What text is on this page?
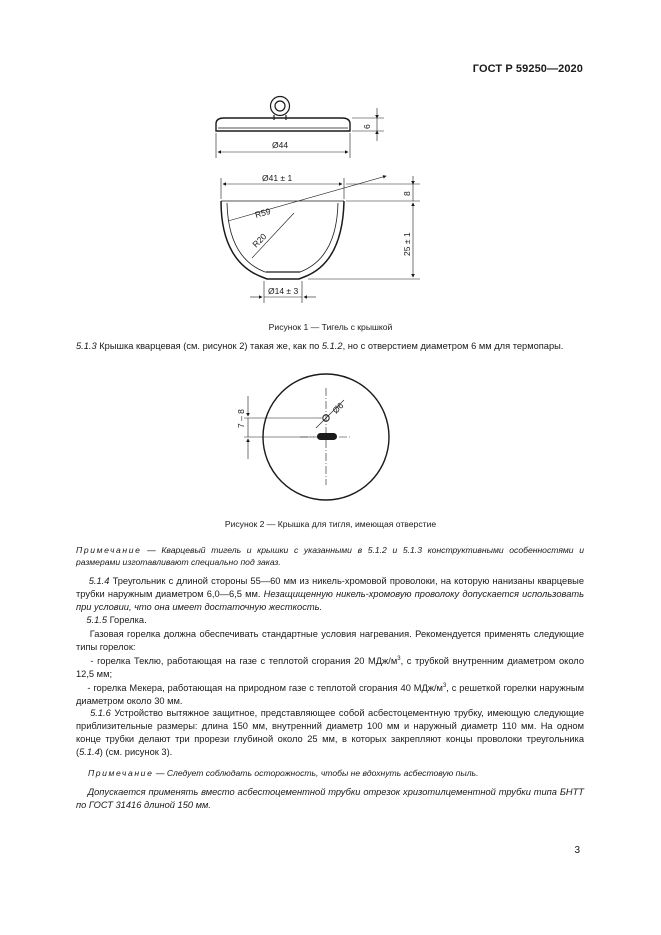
ГОСТ Р 59250—2020
Ø44
6
Ø41 ± 1
R59
R20
Ø14 ± 3
8
25 ± 1
Рисунок 1 — Тигель с крышкой

5.1.3 Крышка кварцевая (см. рисунок 2) такая же, как по 5.1.2, но с отверстием диаметром 6 мм для термопары.

7 – 8
Ø6
Рисунок 2 — Крышка для тигля, имеющая отверстие

Примечание — Кварцевый тигель и крышки с указанными в 5.1.2 и 5.1.3 конструктивными особенностями и размерами изготавливают специально под заказ.

5.1.4 Треугольник с длиной стороны 55—60 мм из никель-хромовой проволоки, на которую нанизаны кварцевые трубки наружным диаметром 6,0—6,5 мм. Незащищенную никель-хромовую проволоку допускается использовать при условии, что она имеет достаточную жесткость.

5.1.5 Горелка.

Газовая горелка должна обеспечивать стандартные условия нагревания. Рекомендуется применять следующие типы горелок:

- горелка Теклю, работающая на газе с теплотой сгорания 20 МДж/$м^3$, с трубкой внутренним диаметром около 12,5 мм;

- горелка Мекера, работающая на природном газе с теплотой сгорания 40 МДж/$м^3$, с решеткой горелки наружным диаметром около 30 мм.

5.1.6 Устройство вытяжное защитное, представляющее собой асбестоцементную трубку, имеющую следующие приблизительные размеры: длина 150 мм, внутренний диаметр 100 мм и наружный диаметр 110 мм. На одном конце трубки делают три прорези глубиной около 25 мм, в которых закрепляют концы проволоки треугольника (5.1.4) (см. рисунок 3).

Примечание — Следует соблюдать осторожность, чтобы не вдохнуть асбестовую пыль.

Допускается применять вместо асбестоцементной трубки отрезок хризотилцементной трубки типа БНТТ по ГОСТ 31416 длиной 150 мм.

3
